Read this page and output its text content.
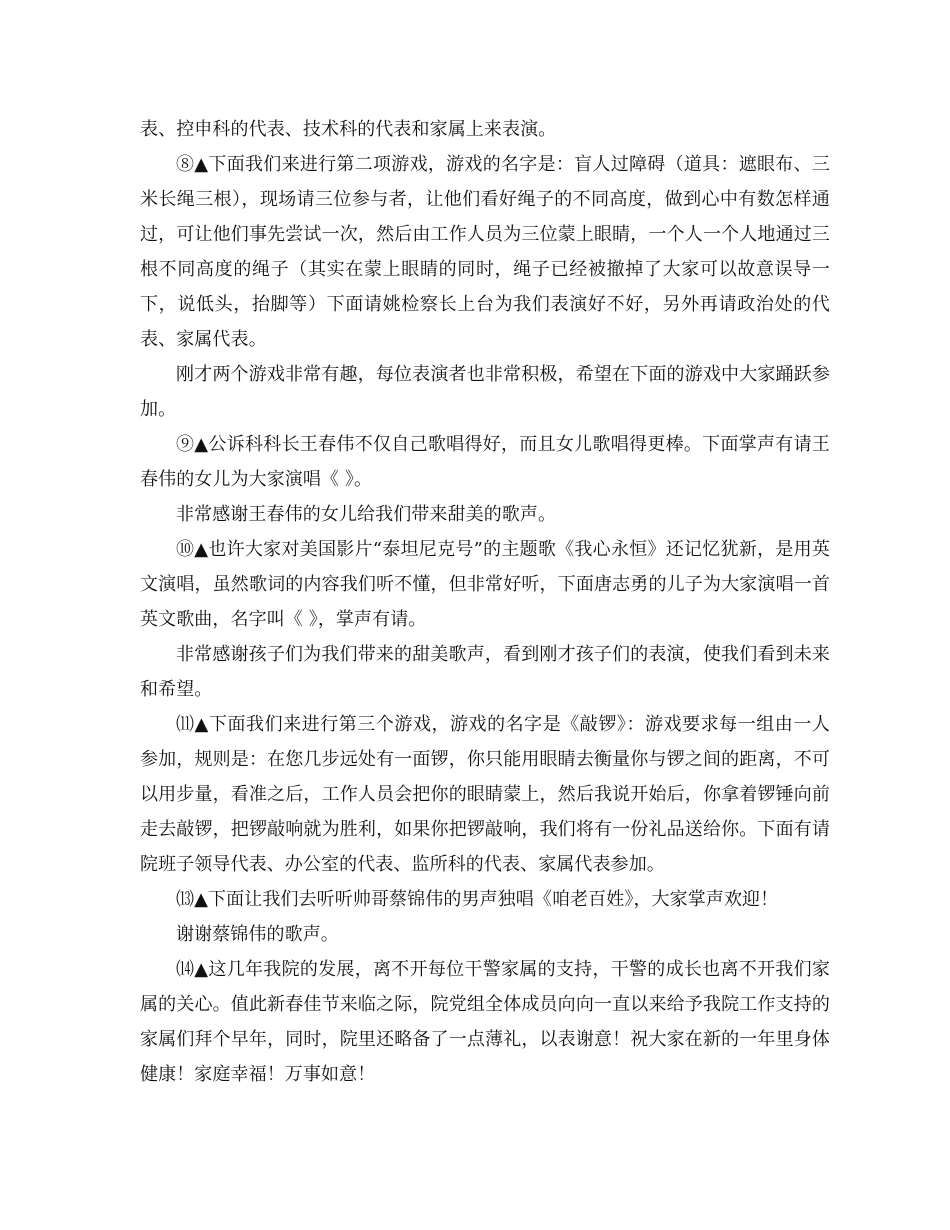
表、控申科的代表、技术科的代表和家属上来表演。

⑧▲下面我们来进行第二项游戏，游戏的名字是：盲人过障碍（道具：遮眼布、三米长绳三根），现场请三位参与者，让他们看好绳子的不同高度，做到心中有数怎样通过，可让他们事先尝试一次，然后由工作人员为三位蒙上眼睛，一个人一个人地通过三根不同高度的绳子（其实在蒙上眼睛的同时，绳子已经被撤掉了大家可以故意误导一下，说低头，抬脚等）下面请姚检察长上台为我们表演好不好，另外再请政治处的代表、家属代表。

刚才两个游戏非常有趣，每位表演者也非常积极，希望在下面的游戏中大家踊跃参加。

⑨▲公诉科科长王春伟不仅自己歌唱得好，而且女儿歌唱得更棒。下面掌声有请王春伟的女儿为大家演唱《 》。

非常感谢王春伟的女儿给我们带来甜美的歌声。

⑩▲也许大家对美国影片“泰坦尼克号”的主题歌《我心永恒》还记忆犹新，是用英文演唱，虽然歌词的内容我们听不懂，但非常好听，下面唐志勇的儿子为大家演唱一首英文歌曲，名字叫《 》，掌声有请。

非常感谢孩子们为我们带来的甜美歌声，看到刚才孩子们的表演，使我们看到未来和希望。

⑾▲下面我们来进行第三个游戏，游戏的名字是《敲锣》：游戏要求每一组由一人参加，规则是：在您几步远处有一面锣，你只能用眼睛去衡量你与锣之间的距离，不可以用步量，看准之后，工作人员会把你的眼睛蒙上，然后我说开始后，你拿着锣锤向前走去敲锣，把锣敲响就为胜利，如果你把锣敲响，我们将有一份礼品送给你。下面有请院班子领导代表、办公室的代表、监所科的代表、家属代表参加。

⒀▲下面让我们去听听帅哥蔡锦伟的男声独唱《咱老百姓》，大家掌声欢迎！

谢谢蔡锦伟的歌声。

⒁▲这几年我院的发展，离不开每位干警家属的支持，干警的成长也离不开我们家属的关心。值此新春佳节来临之际，院党组全体成员向向一直以来给予我院工作支持的家属们拜个早年，同时，院里还略备了一点薄礼，以表谢意！祝大家在新的一年里身体健康！家庭幸福！万事如意！
